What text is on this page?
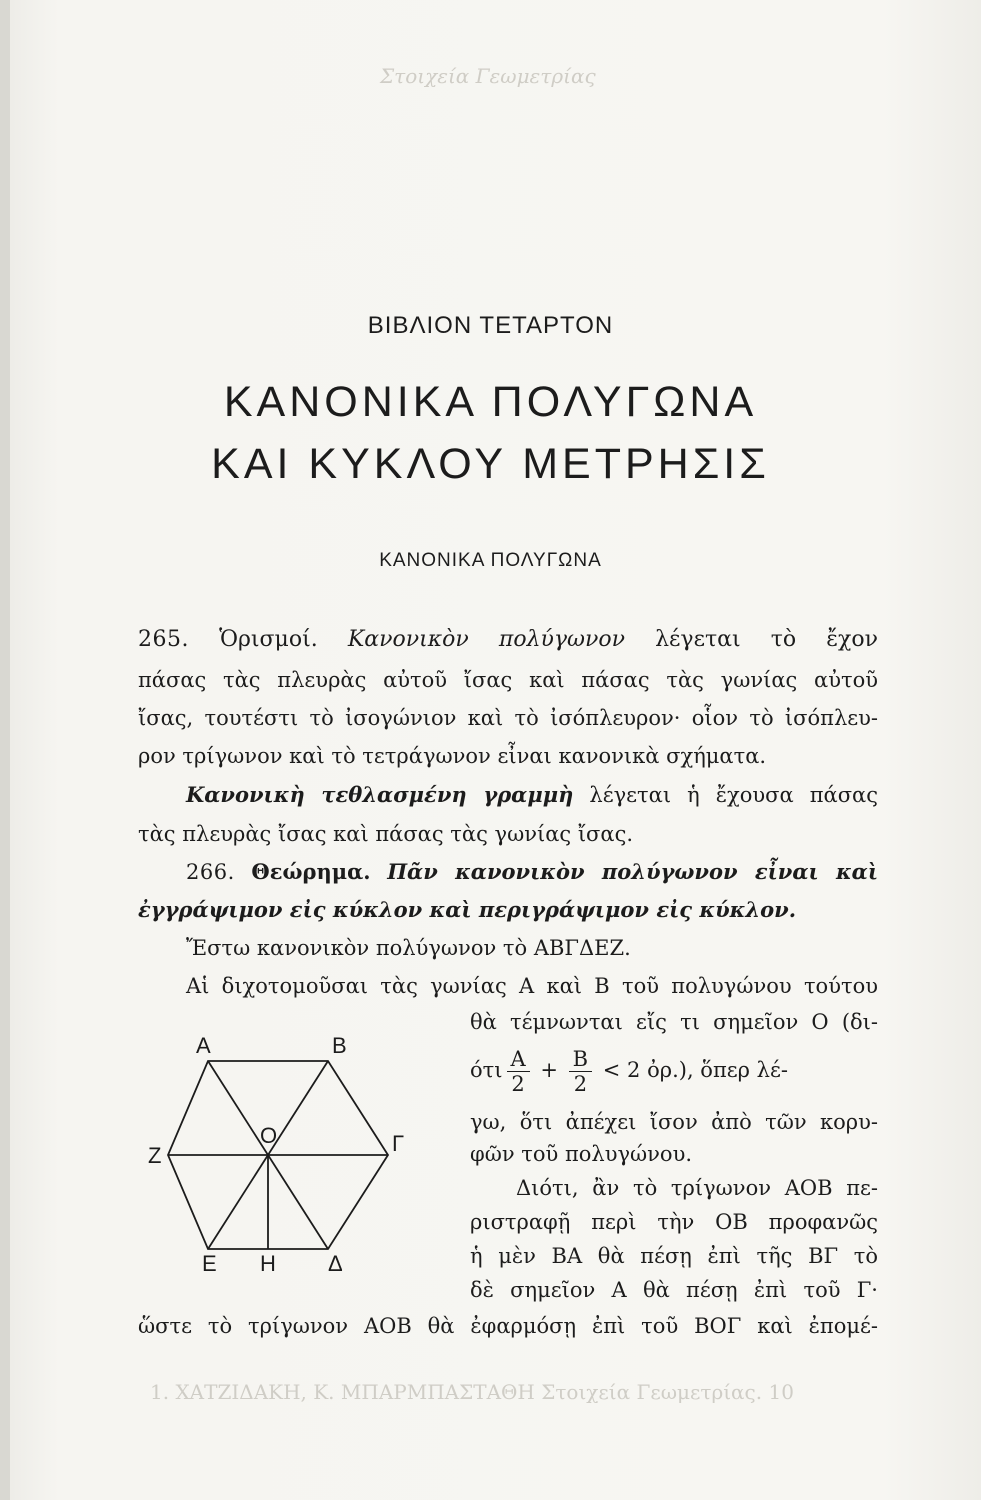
Στοιχεία Γεωμετρίας
1. ΧΑΤΖΙΔΑΚΗ, Κ. ΜΠΑΡΜΠΑΣΤΑΘΗ Στοιχεία Γεωμετρίας. 10
ΒΙΒΛΙΟΝ ΤΕΤΑΡΤΟΝ
ΚΑΝΟΝΙΚΑ ΠΟΛΥΓΩΝΑ
ΚΑΙ ΚΥΚΛΟΥ ΜΕΤΡΗΣΙΣ
ΚΑΝΟΝΙΚΑ ΠΟΛΥΓΩΝΑ
265. Ὁρισμοί. Κανονικὸν πολύγωνον λέγεται τὸ ἔχον
πάσας τὰς πλευρὰς αὐτοῦ ἴσας καὶ πάσας τὰς γωνίας αὐτοῦ
ἴσας, τουτέστι τὸ ἰσογώνιον καὶ τὸ ἰσόπλευρον· οἷον τὸ ἰσόπλευ-
ρον τρίγωνον καὶ τὸ τετράγωνον εἶναι κανονικὰ σχήματα.
Κανονικὴ τεθλασμένη γραμμὴ λέγεται ἡ ἔχουσα πάσας
τὰς πλευρὰς ἴσας καὶ πάσας τὰς γωνίας ἴσας.
266. Θεώρημα. Πᾶν κανονικὸν πολύγωνον εἶναι καὶ
ἐγγράψιμον εἰς κύκλον καὶ περιγράψιμον εἰς κύκλον.
Ἔστω κανονικὸν πολύγωνον τὸ ΑΒΓΔΕΖ.
Αἱ διχοτομοῦσαι τὰς γωνίας Α καὶ Β τοῦ πολυγώνου τούτου
θὰ τέμνωνται εἴς τι σημεῖον Ο (δι-
ότι $\frac{A}{2} + \frac{B}{2} < 2$ ὀρ.), ὅπερ λέ-
γω, ὅτι ἀπέχει ἴσον ἀπὸ τῶν κορυ-
φῶν τοῦ πολυγώνου.
Διότι, ἂν τὸ τρίγωνον ΑΟΒ πε-
ριστραφῇ περὶ τὴν ΟΒ προφανῶς
ἡ μὲν ΒΑ θὰ πέσῃ ἐπὶ τῆς ΒΓ τὸ
δὲ σημεῖον Α θὰ πέσῃ ἐπὶ τοῦ Γ·
ὥστε τὸ τρίγωνον ΑΟΒ θὰ ἐφαρμόσῃ ἐπὶ τοῦ ΒΟΓ καὶ ἐπομέ-
A	B
O
Z	Γ
E H Δ
